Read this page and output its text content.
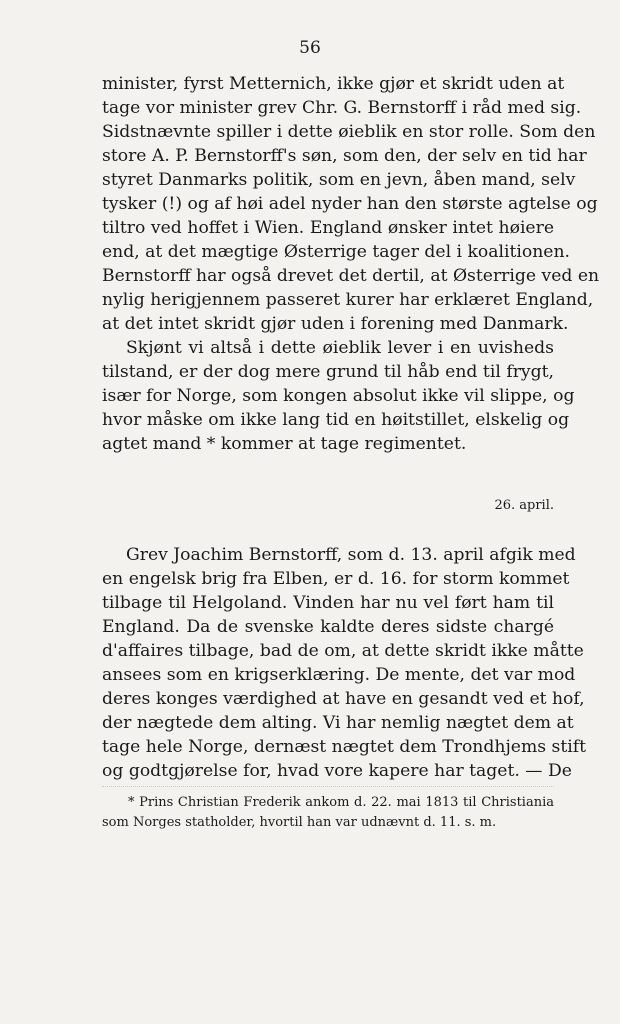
56
minister, fyrst Metternich, ikke gjør et skridt uden at
tage vor minister grev Chr. G. Bernstorff i råd med sig.
Sidstnævnte spiller i dette øieblik en stor rolle. Som den
store A. P. Bernstorff's søn, som den, der selv en tid har
styret Danmarks politik, som en jevn, åben mand, selv
tysker (!) og af høi adel nyder han den største agtelse og
tiltro ved hoffet i Wien. England ønsker intet høiere
end, at det mægtige Østerrige tager del i koalitionen.
Bernstorff har også drevet det dertil, at Østerrige ved en
nylig herigjennem passeret kurer har erklæret England,
at det intet skridt gjør uden i forening med Danmark.
Skjønt vi altså i dette øieblik lever i en uvisheds
tilstand, er der dog mere grund til håb end til frygt,
især for Norge, som kongen absolut ikke vil slippe, og
hvor måske om ikke lang tid en høitstillet, elskelig og
agtet mand * kommer at tage regimentet.
26. april.
Grev Joachim Bernstorff, som d. 13. april afgik med
en engelsk brig fra Elben, er d. 16. for storm kommet
tilbage til Helgoland. Vinden har nu vel ført ham til
England. Da de svenske kaldte deres sidste chargé
d'affaires tilbage, bad de om, at dette skridt ikke måtte
ansees som en krigserklæring. De mente, det var mod
deres konges værdighed at have en gesandt ved et hof,
der nægtede dem alting. Vi har nemlig nægtet dem at
tage hele Norge, dernæst nægtet dem Trondhjems stift
og godtgjørelse for, hvad vore kapere har taget. — De
* Prins Christian Frederik ankom d. 22. mai 1813 til Christiania
som Norges statholder, hvortil han var udnævnt d. 11. s. m.
